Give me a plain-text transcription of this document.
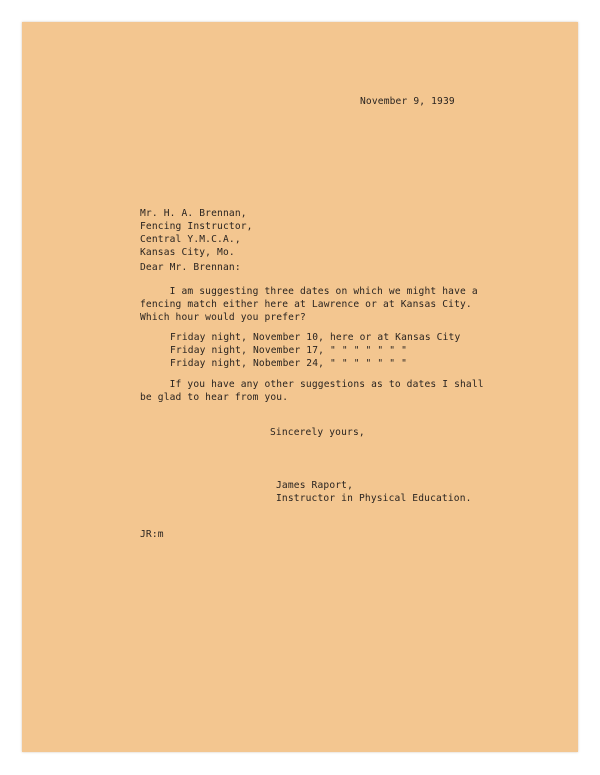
November 9, 1939
Mr. H. A. Brennan,
Fencing Instructor,
Central Y.M.C.A.,
Kansas City, Mo.
Dear Mr. Brennan:
I am suggesting three dates on which we might have a
fencing match either here at Lawrence or at Kansas City.
Which hour would you prefer?
Friday night, November 10, here or at Kansas City
Friday night, November 17, " " " " " " "
Friday night, Nobember 24, " " " " " " "
If you have any other suggestions as to dates I shall
be glad to hear from you.
Sincerely yours,
James Raport,
Instructor in Physical Education.
JR:m
